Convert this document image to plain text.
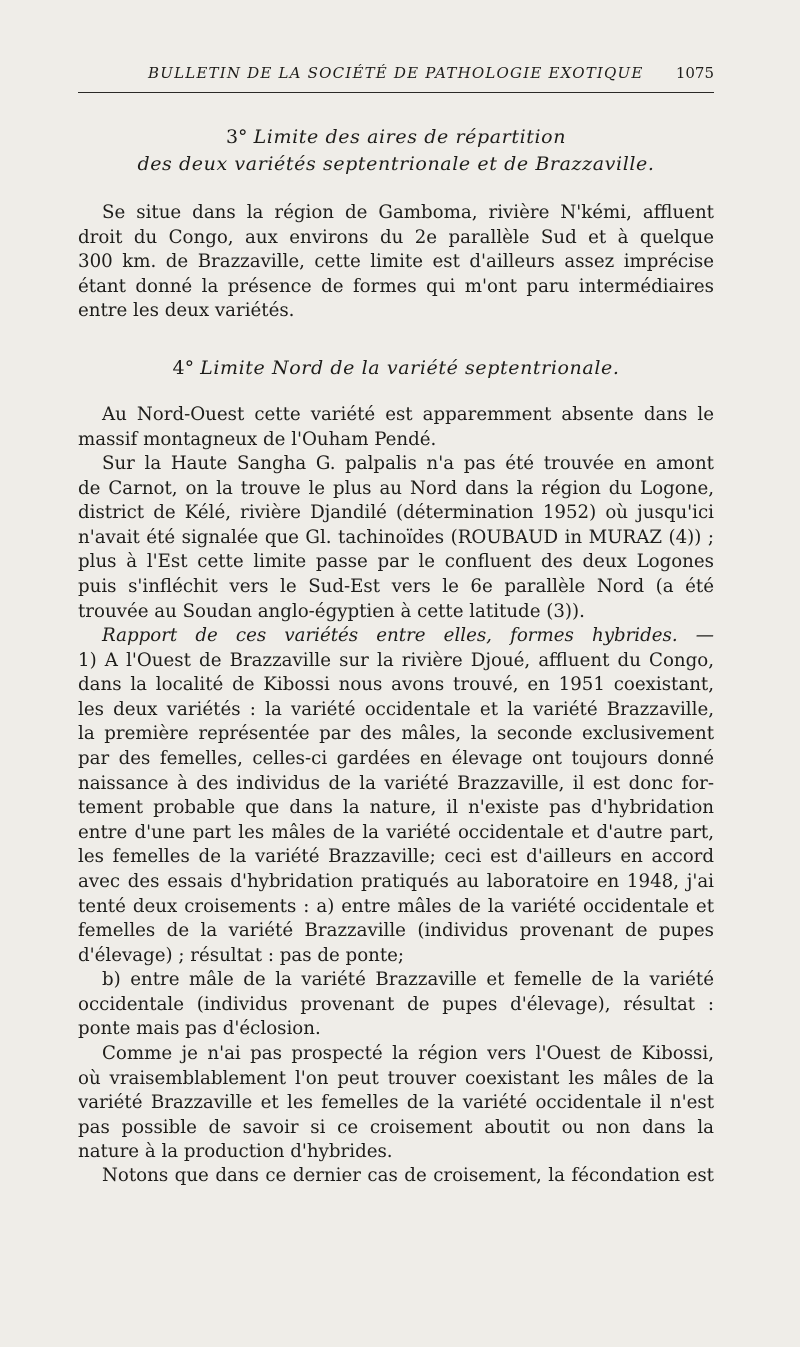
BULLETIN DE LA SOCIÉTÉ DE PATHOLOGIE EXOTIQUE 1075
3° Limite des aires de répartition
des deux variétés septentrionale et de Brazzaville.
Se situe dans la région de Gamboma, rivière N'kémi, affluent
droit du Congo, aux environs du 2e parallèle Sud et à quelque
300 km. de Brazzaville, cette limite est d'ailleurs assez imprécise
étant donné la présence de formes qui m'ont paru intermédiaires
entre les deux variétés.
4° Limite Nord de la variété septentrionale.
Au Nord-Ouest cette variété est apparemment absente dans le
massif montagneux de l'Ouham Pendé.
Sur la Haute Sangha G. palpalis n'a pas été trouvée en amont
de Carnot, on la trouve le plus au Nord dans la région du Logone,
district de Kélé, rivière Djandilé (détermination 1952) où jusqu'ici
n'avait été signalée que Gl. tachinoïdes (ROUBAUD in MURAZ (4)) ;
plus à l'Est cette limite passe par le confluent des deux Logones
puis s'infléchit vers le Sud-Est vers le 6e parallèle Nord (a été
trouvée au Soudan anglo-égyptien à cette latitude (3)).
Rapport de ces variétés entre elles, formes hybrides. —
1) A l'Ouest de Brazzaville sur la rivière Djoué, affluent du Congo,
dans la localité de Kibossi nous avons trouvé, en 1951 coexistant,
les deux variétés : la variété occidentale et la variété Brazzaville,
la première représentée par des mâles, la seconde exclusivement
par des femelles, celles-ci gardées en élevage ont toujours donné
naissance à des individus de la variété Brazzaville, il est donc for-
tement probable que dans la nature, il n'existe pas d'hybridation
entre d'une part les mâles de la variété occidentale et d'autre part,
les femelles de la variété Brazzaville; ceci est d'ailleurs en accord
avec des essais d'hybridation pratiqués au laboratoire en 1948, j'ai
tenté deux croisements : a) entre mâles de la variété occidentale et
femelles de la variété Brazzaville (individus provenant de pupes
d'élevage) ; résultat : pas de ponte;
b) entre mâle de la variété Brazzaville et femelle de la variété
occidentale (individus provenant de pupes d'élevage), résultat :
ponte mais pas d'éclosion.
Comme je n'ai pas prospecté la région vers l'Ouest de Kibossi,
où vraisemblablement l'on peut trouver coexistant les mâles de la
variété Brazzaville et les femelles de la variété occidentale il n'est
pas possible de savoir si ce croisement aboutit ou non dans la
nature à la production d'hybrides.
Notons que dans ce dernier cas de croisement, la fécondation est
